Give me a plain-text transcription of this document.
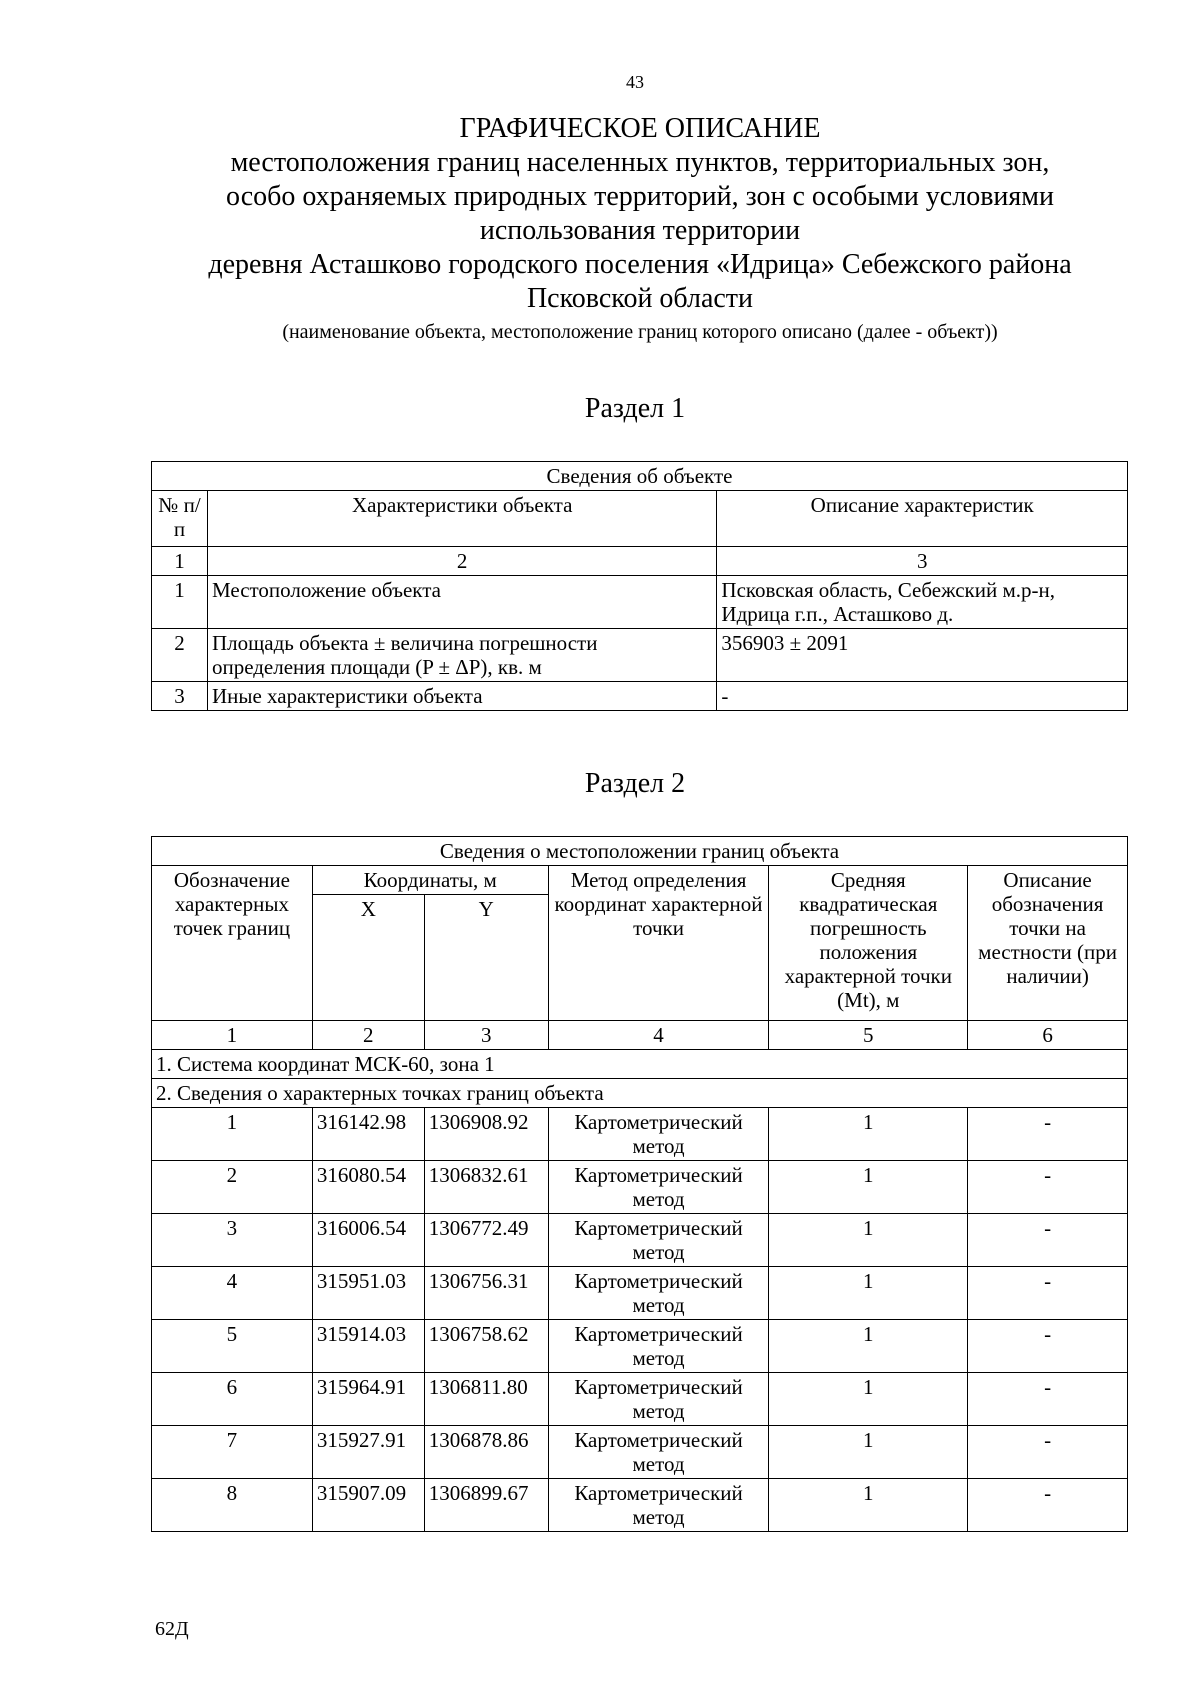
43
ГРАФИЧЕСКОЕ ОПИСАНИЕ
местоположения границ населенных пунктов, территориальных зон,
особо охраняемых природных территорий, зон с особыми условиями
использования территории
деревня Асташково городского поселения «Идрица» Себежского района
Псковской области
(наименование объекта, местоположение границ которого описано (далее - объект))
Раздел 1
Сведения об объекте		
№ п/п	Характеристики объекта	Описание характеристик
1	2	3
1	Местоположение объекта	Псковская область, Себежский м.р-н, Идрица г.п., Асташково д.
2	Площадь объекта ± величина погрешности определения площади (P ± ΔP), кв. м	356903 ± 2091
3	Иные характеристики объекта	-
Раздел 2
Сведения о местоположении границ объекта					
Обозначение характерных точек границ	Координаты, м		Метод определения координат характерной точки	Средняя квадратическая погрешность положения характерной точки (Mt), м	Описание обозначения точки на местности (при наличии)
	X	Y			
1	2	3	4	5	6
1. Система координат МСК-60, зона 1					
2. Сведения о характерных точках границ объекта					
1	316142.98	1306908.92	Картометрический метод	1	-
2	316080.54	1306832.61	Картометрический метод	1	-
3	316006.54	1306772.49	Картометрический метод	1	-
4	315951.03	1306756.31	Картометрический метод	1	-
5	315914.03	1306758.62	Картометрический метод	1	-
6	315964.91	1306811.80	Картометрический метод	1	-
7	315927.91	1306878.86	Картометрический метод	1	-
8	315907.09	1306899.67	Картометрический метод	1	-
62Д
